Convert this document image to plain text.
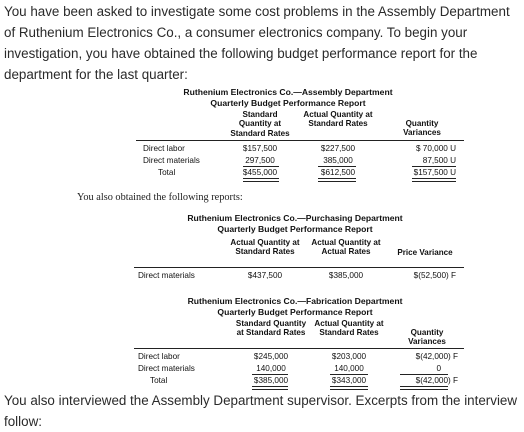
You have been asked to investigate some cost problems in the Assembly Department of Ruthenium Electronics Co., a consumer electronics company. To begin your investigation, you have obtained the following budget performance report for the department for the last quarter:

Ruthenium Electronics Co.—Assembly Department
Quarterly Budget Performance Report
Standard Quantity at Standard Rates
Actual Quantity at Standard Rates	Quantity Variances
Direct labor	$157,500	$227,500	$ 70,000 U
Direct materials	297,500	385,000	87,500 U
Total	$455,000	$612,500	$157,500 U
You also obtained the following reports:
Ruthenium Electronics Co.—Purchasing Department
Quarterly Budget Performance Report
Actual Quantity at Standard Rates
Actual Quantity at Actual Rates	Price Variance
Direct materials	$437,500	$385,000	$(52,500) F
Ruthenium Electronics Co.—Fabrication Department
Quarterly Budget Performance Report
Standard Quantity at Standard Rates
Actual Quantity at Standard Rates	Quantity Variances
Direct labor	$245,000	$203,000	$(42,000) F
Direct materials	140,000	140,000	0
Total	$385,000	$343,000	$(42,000) F

You also interviewed the Assembly Department supervisor. Excerpts from the interview follow:
